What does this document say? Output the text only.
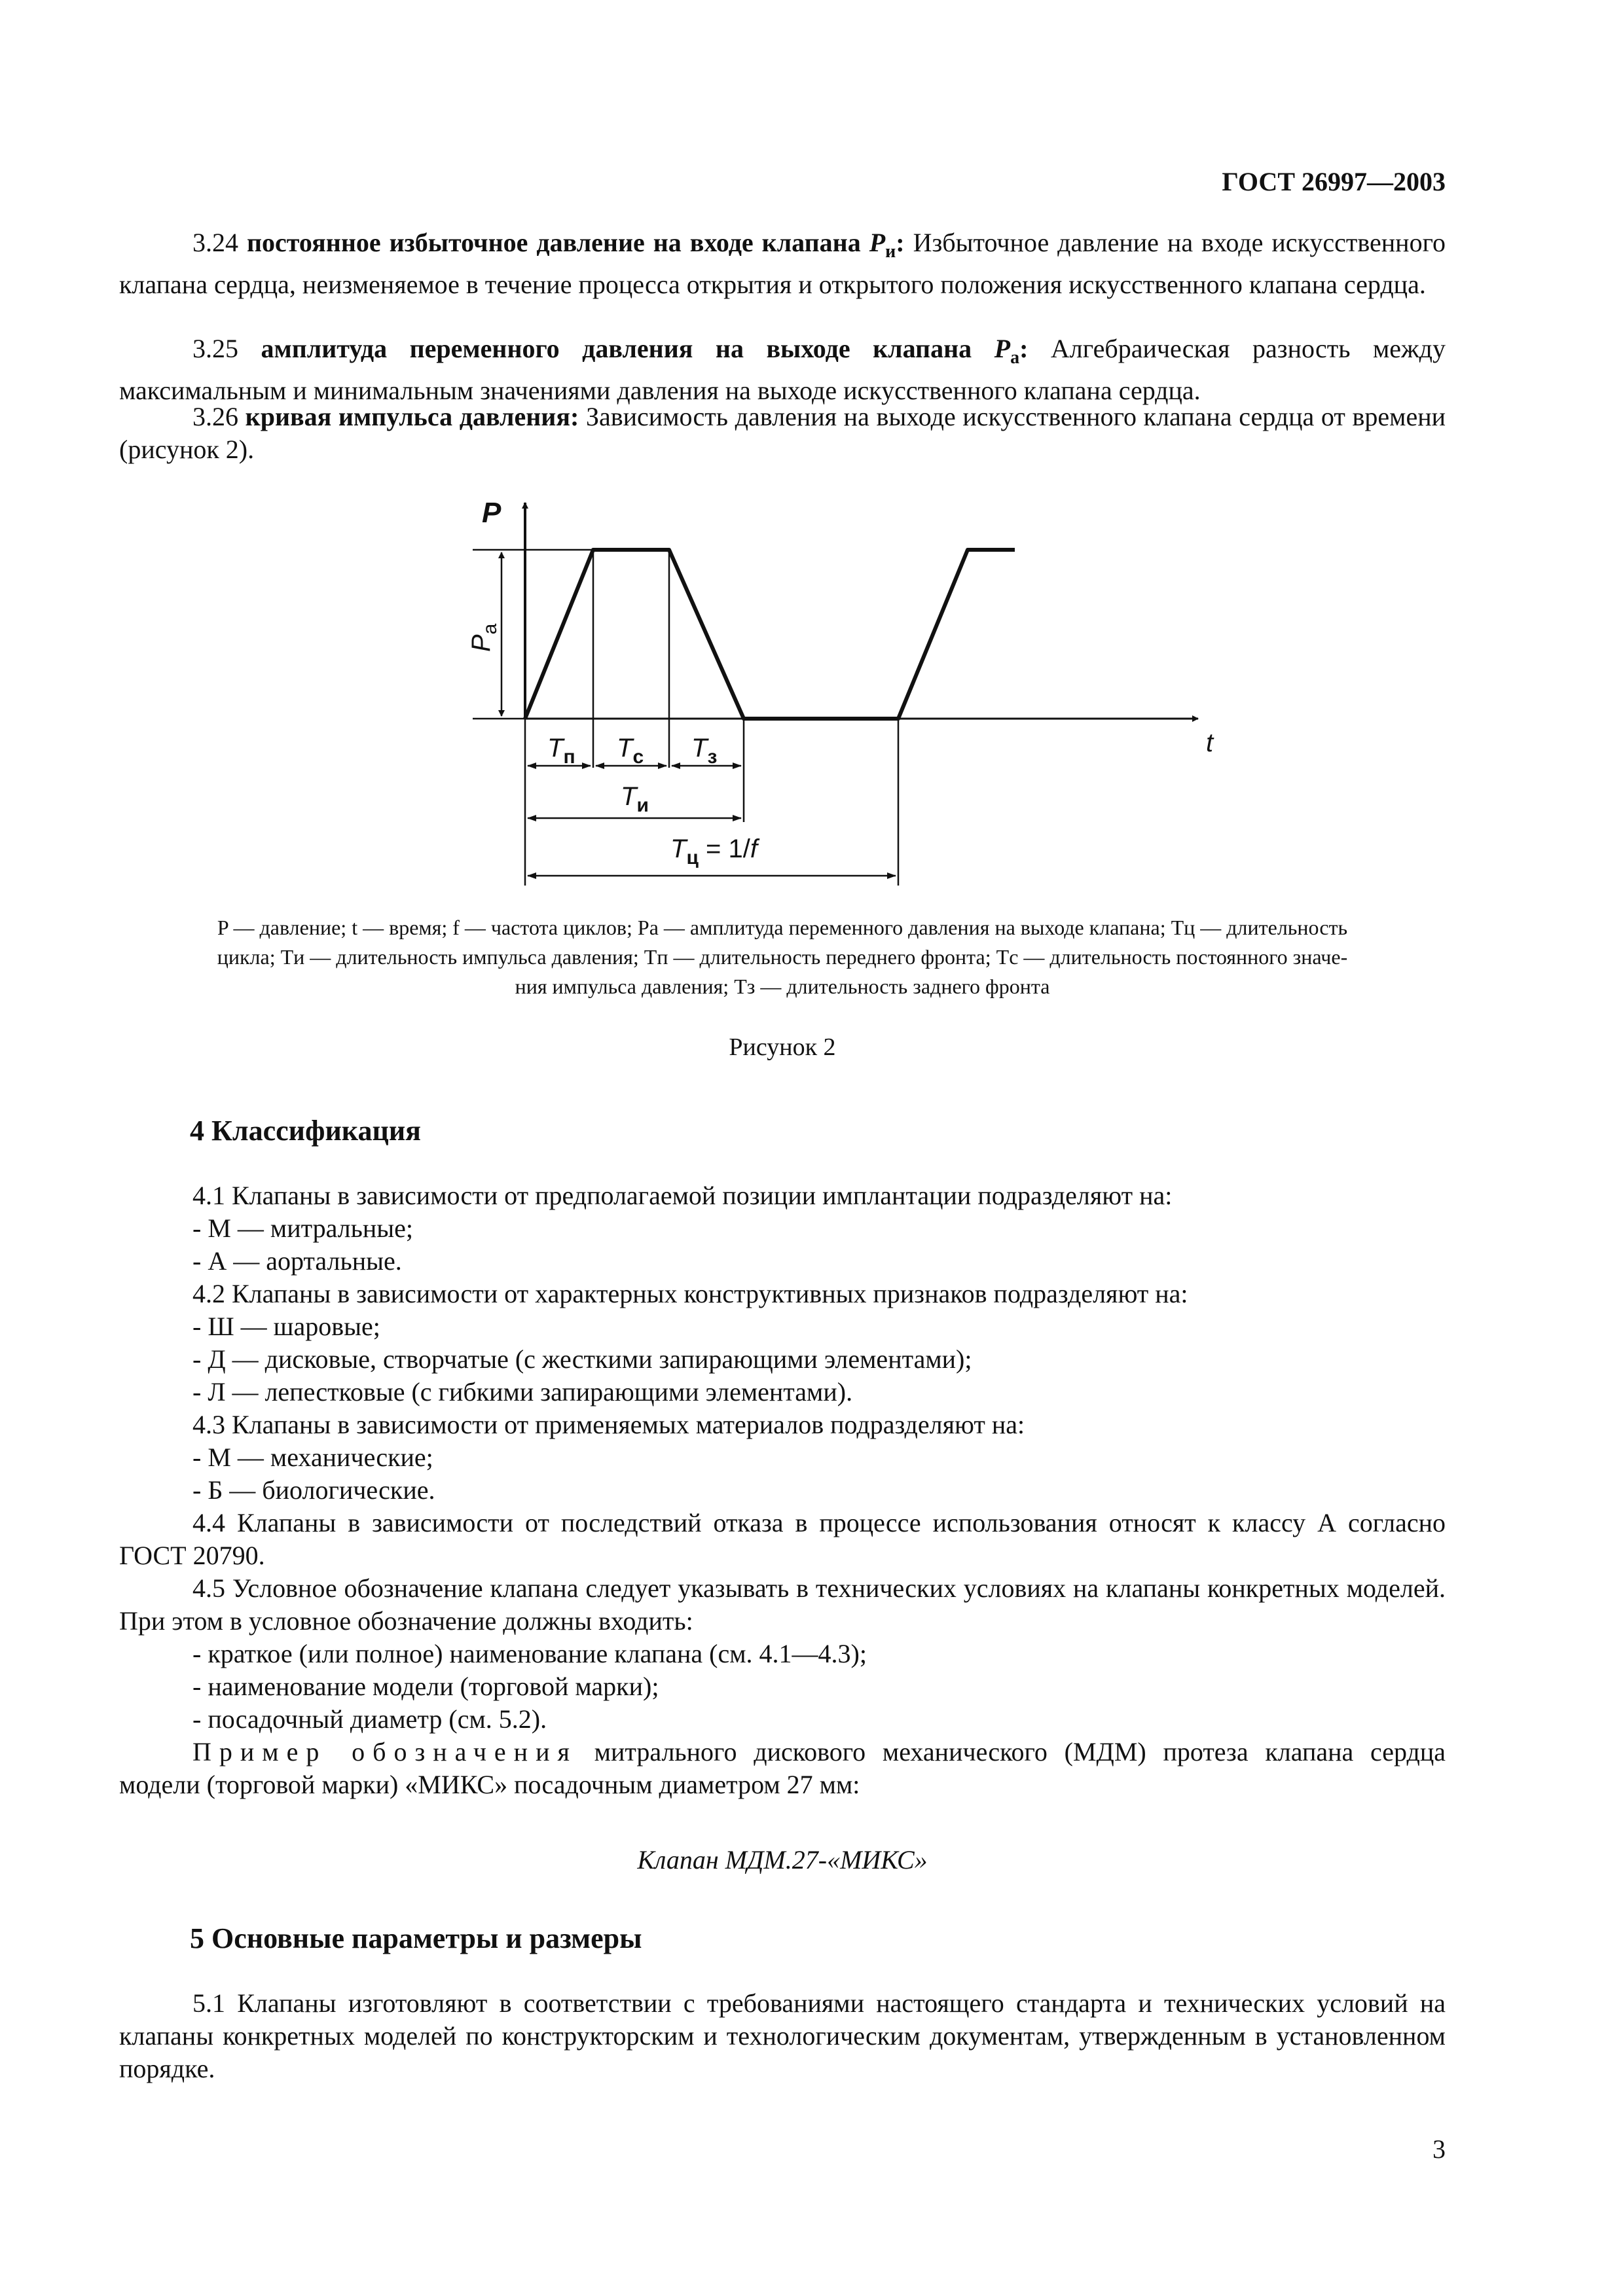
ГОСТ 26997—2003

3.24 постоянное избыточное давление на входе клапана $P_и$: Избыточное давление на входе искусственного клапана сердца, неизменяемое в течение процесса открытия и открытого положения искусственного клапана сердца.

3.25 амплитуда переменного давления на выходе клапана $P_а$: Алгебраическая разность между максимальным и минимальным значениями давления на выходе искусственного клапана сердца.

3.26 кривая импульса давления: Зависимость давления на выходе искусственного клапана сердца от времени (рисунок 2).

P
t
$P_a$
$T_п$ $T_с$ $T_з$
$T_и$
$T_ц = 1/f$
P — давление; t — время; f — частота циклов; Pа — амплитуда переменного давления на выходе клапана; Tц — длительность
цикла; Tи — длительность импульса давления; Tп — длительность переднего фронта; Tс — длительность постоянного значе-
ния импульса давления; Tз — длительность заднего фронта
Рисунок 2
4 Классификация

4.1 Клапаны в зависимости от предполагаемой позиции имплантации подразделяют на:

- М — митральные;

- А — аортальные.

4.2 Клапаны в зависимости от характерных конструктивных признаков подразделяют на:

- Ш — шаровые;

- Д — дисковые, створчатые (с жесткими запирающими элементами);

- Л — лепестковые (с гибкими запирающими элементами).

4.3 Клапаны в зависимости от применяемых материалов подразделяют на:

- М — механические;

- Б — биологические.

4.4 Клапаны в зависимости от последствий отказа в процессе использования относят к классу А согласно ГОСТ 20790.

4.5 Условное обозначение клапана следует указывать в технических условиях на клапаны конкретных моделей. При этом в условное обозначение должны входить:

- краткое (или полное) наименование клапана (см. 4.1—4.3);

- наименование модели (торговой марки);

- посадочный диаметр (см. 5.2).

Пример обозначения митрального дискового механического (МДМ) протеза клапана сердца модели (торговой марки) «МИКС» посадочным диаметром 27 мм:

Клапан МДМ.27-«МИКС»
5 Основные параметры и размеры

5.1 Клапаны изготовляют в соответствии с требованиями настоящего стандарта и технических условий на клапаны конкретных моделей по конструкторским и технологическим документам, утвержденным в установленном порядке.

3
